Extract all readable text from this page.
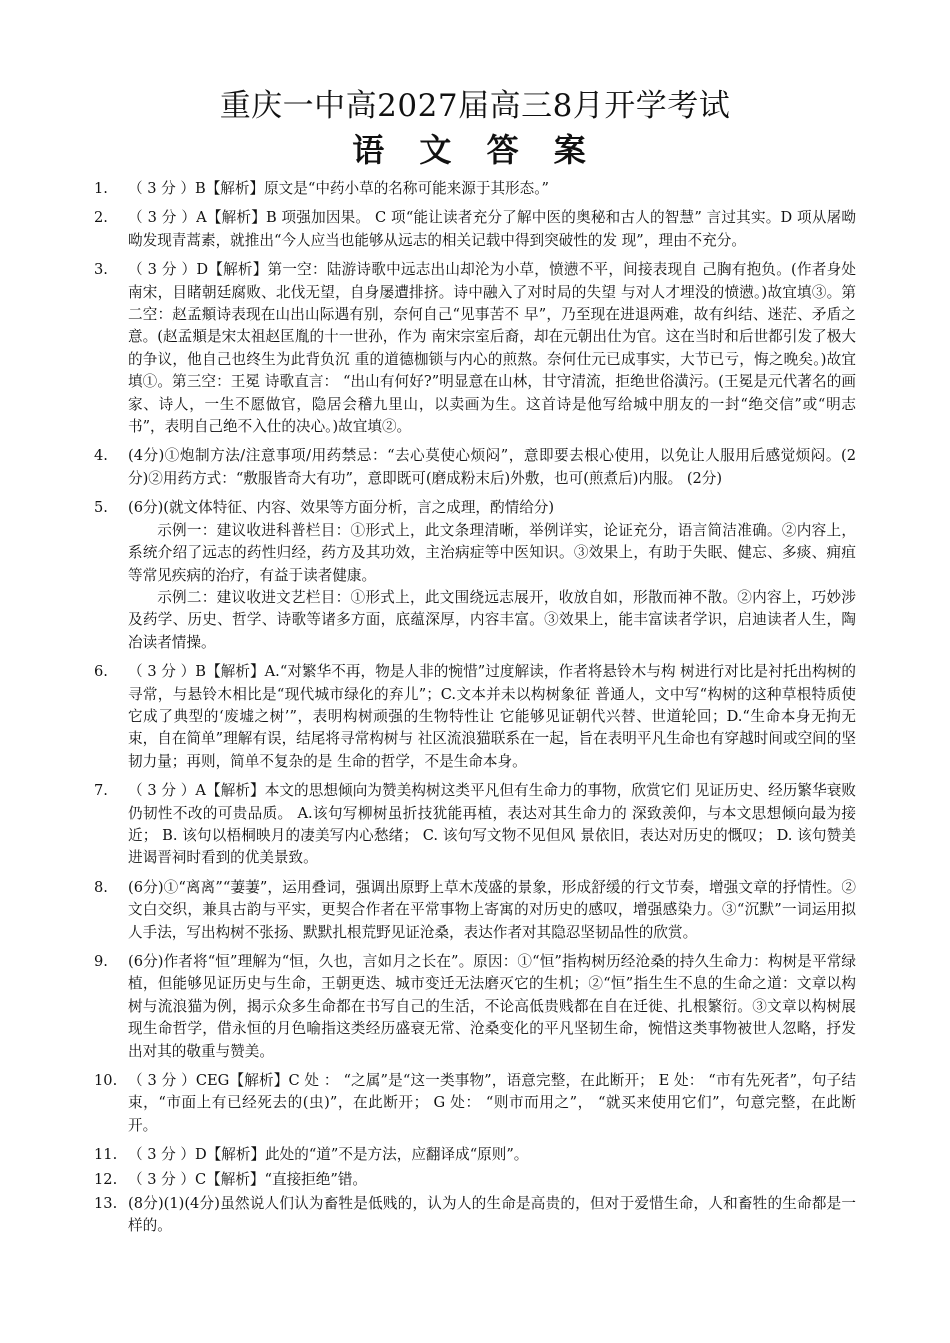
重庆一中高2027届高三8月开学考试
语 文 答 案
1.	（ 3 分 ）B【解析】原文是“中药小草的名称可能来源于其形态。”
2.	（ 3 分 ）A【解析】B 项强加因果。 C 项“能让读者充分了解中医的奥秘和古人的智慧” 言过其实。D 项从屠呦呦发现青蒿素，就推出“今人应当也能够从远志的相关记载中得到突破性的发 现”，理由不充分。
3.	（ 3 分 ）D【解析】第一空：陆游诗歌中远志出山却沦为小草，愤懑不平，间接表现自 己胸有抱负。(作者身处南宋，目睹朝廷腐败、北伐无望，自身屡遭排挤。诗中融入了对时局的失望 与对人才埋没的愤懑。)故宜填③。第二空：赵孟頫诗表现在山出山际遇有别，奈何自己“见事苦不 早”，乃至现在进退两难，故有纠结、迷茫、矛盾之意。(赵孟頫是宋太祖赵匡胤的十一世孙，作为 南宋宗室后裔，却在元朝出仕为官。这在当时和后世都引发了极大的争议，他自己也终生为此背负沉 重的道德枷锁与内心的煎熬。奈何仕元已成事实，大节已亏，悔之晚矣。)故宜填①。第三空：王冕 诗歌直言： “出山有何好?”明显意在山林，甘守清流，拒绝世俗潢污。(王冕是元代著名的画家、诗人，一生不愿做官，隐居会稽九里山，以卖画为生。这首诗是他写给城中朋友的一封“绝交信”或“明志书”，表明自己绝不入仕的决心。)故宜填②。
4.	(4分)①炮制方法/注意事项/用药禁忌：“去心莫使心烦闷”，意即要去根心使用，以免让人服用后感觉烦闷。(2分)②用药方式：“敷服皆奇大有功”，意即既可(磨成粉末后)外敷，也可(煎煮后)内服。 (2分)
5.	(6分)(就文体特征、内容、效果等方面分析，言之成理，酌情给分)
示例一：建议收进科普栏目：①形式上，此文条理清晰，举例详实，论证充分，语言简洁准确。②内容上，系统介绍了远志的药性归经，药方及其功效，主治病症等中医知识。③效果上，有助于失眠、健忘、多痰、痈疽等常见疾病的治疗，有益于读者健康。
示例二：建议收进文艺栏目：①形式上，此文围绕远志展开，收放自如，形散而神不散。②内容上，巧妙涉及药学、历史、哲学、诗歌等诸多方面，底蕴深厚，内容丰富。③效果上，能丰富读者学识，启迪读者人生，陶冶读者情操。
6.	（ 3 分 ）B【解析】A.“对繁华不再，物是人非的惋惜”过度解读，作者将悬铃木与构 树进行对比是衬托出构树的寻常，与悬铃木相比是“现代城市绿化的弃儿”；C.文本并未以构树象征 普通人，文中写“构树的这种草根特质使它成了典型的‘废墟之树’”，表明构树顽强的生物特性让 它能够见证朝代兴替、世道轮回；D.“生命本身无拘无束，自在简单”理解有误，结尾将寻常构树与 社区流浪猫联系在一起，旨在表明平凡生命也有穿越时间或空间的坚韧力量；再则，简单不复杂的是 生命的哲学，不是生命本身。
7.	（ 3 分 ）A【解析】本文的思想倾向为赞美构树这类平凡但有生命力的事物，欣赏它们 见证历史、经历繁华衰败仍韧性不改的可贵品质。 A.该句写柳树虽折技犹能再植，表达对其生命力的 深致羡仰，与本文思想倾向最为接近； B. 该句以梧桐映月的凄美写内心愁绪； C. 该句写文物不见但风 景依旧，表达对历史的慨叹； D. 该句赞美进谒晋祠时看到的优美景致。
8.	(6分)①“离离”“萋萋”，运用叠词，强调出原野上草木茂盛的景象，形成舒缓的行文节奏，增强文章的抒情性。②文白交织，兼具古韵与平实，更契合作者在平常事物上寄寓的对历史的感叹，增强感染力。③“沉默”一词运用拟人手法，写出构树不张扬、默默扎根荒野见证沧桑，表达作者对其隐忍坚韧品性的欣赏。
9.	(6分)作者将“恒”理解为“恒，久也，言如月之长在”。原因：①“恒”指构树历经沧桑的持久生命力：构树是平常绿植，但能够见证历史与生命，王朝更迭、城市变迁无法磨灭它的生机；②“恒”指生生不息的生命之道：文章以构树与流浪猫为例，揭示众多生命都在书写自己的生活，不论高低贵贱都在自在迁徙、扎根繁衍。③文章以构树展现生命哲学，借永恒的月色喻指这类经历盛衰无常、沧桑变化的平凡坚韧生命，惋惜这类事物被世人忽略，抒发出对其的敬重与赞美。
10. （ 3 分 ）CEG【解析】C 处 ： “之属”是“这一类事物”，语意完整，在此断开； E 处： “市有先死者”，句子结束，“市面上有已经死去的(虫)”，在此断开； G 处： “则市而用之”， “就买来使用它们”，句意完整，在此断开。
11. （ 3 分 ）D【解析】此处的“道”不是方法，应翻译成“原则”。
12. （ 3 分 ）C【解析】“直接拒绝”错。
13. (8分)(1)(4分)虽然说人们认为畜牲是低贱的，认为人的生命是高贵的，但对于爱惜生命，人和畜牲的生命都是一样的。
